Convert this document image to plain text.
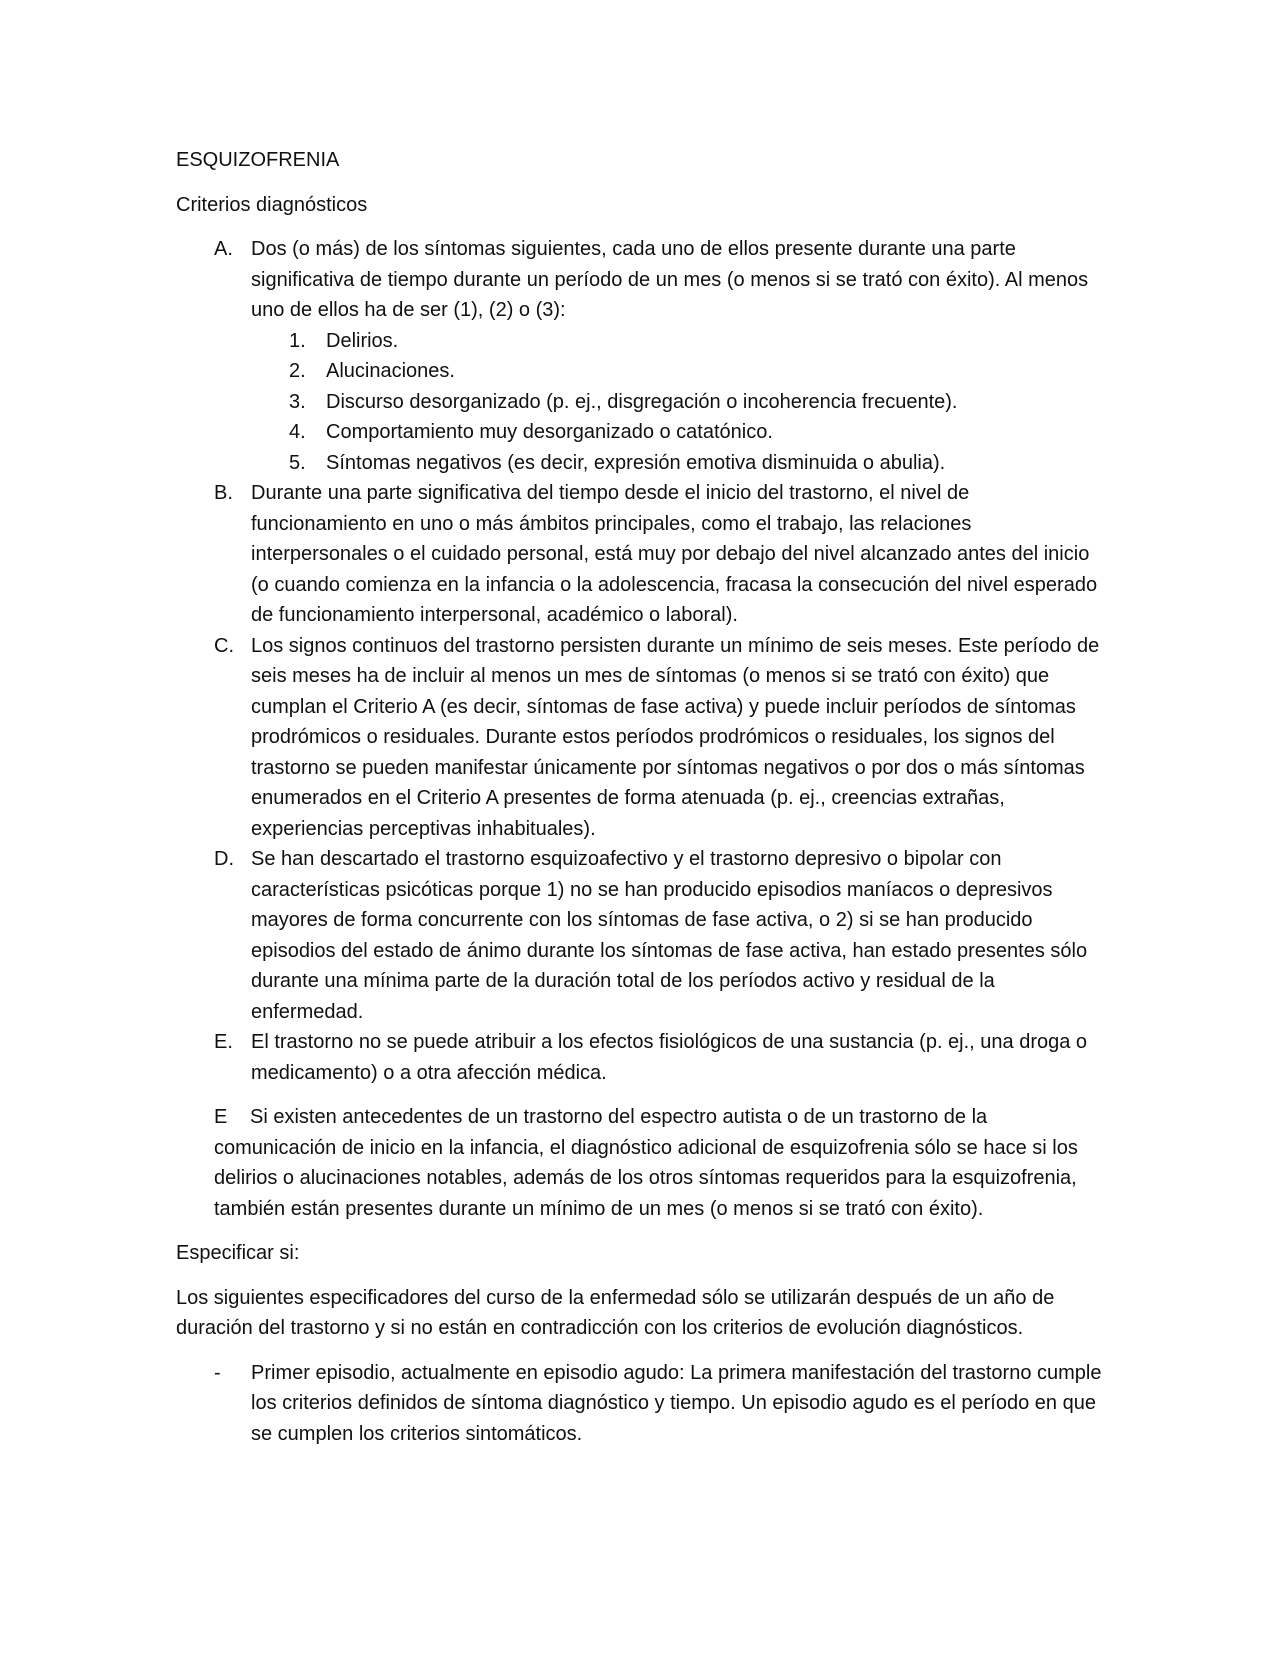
ESQUIZOFRENIA
Criterios diagnósticos
A. Dos (o más) de los síntomas siguientes, cada uno de ellos presente durante una parte significativa de tiempo durante un período de un mes (o menos si se trató con éxito). Al menos uno de ellos ha de ser (1), (2) o (3):
1. Delirios.
2. Alucinaciones.
3. Discurso desorganizado (p. ej., disgregación o incoherencia frecuente).
4. Comportamiento muy desorganizado o catatónico.
5. Síntomas negativos (es decir, expresión emotiva disminuida o abulia).
B. Durante una parte significativa del tiempo desde el inicio del trastorno, el nivel de funcionamiento en uno o más ámbitos principales, como el trabajo, las relaciones interpersonales o el cuidado personal, está muy por debajo del nivel alcanzado antes del inicio (o cuando comienza en la infancia o la adolescencia, fracasa la consecución del nivel esperado de funcionamiento interpersonal, académico o laboral).
C. Los signos continuos del trastorno persisten durante un mínimo de seis meses. Este período de seis meses ha de incluir al menos un mes de síntomas (o menos si se trató con éxito) que cumplan el Criterio A (es decir, síntomas de fase activa) y puede incluir períodos de síntomas prodrómicos o residuales. Durante estos períodos prodrómicos o residuales, los signos del trastorno se pueden manifestar únicamente por síntomas negativos o por dos o más síntomas enumerados en el Criterio A presentes de forma atenuada (p. ej., creencias extrañas, experiencias perceptivas inhabituales).
D. Se han descartado el trastorno esquizoafectivo y el trastorno depresivo o bipolar con características psicóticas porque 1) no se han producido episodios maníacos o depresivos mayores de forma concurrente con los síntomas de fase activa, o 2) si se han producido episodios del estado de ánimo durante los síntomas de fase activa, han estado presentes sólo durante una mínima parte de la duración total de los períodos activo y residual de la enfermedad.
E. El trastorno no se puede atribuir a los efectos fisiológicos de una sustancia (p. ej., una droga o medicamento) o a otra afección médica.
E Si existen antecedentes de un trastorno del espectro autista o de un trastorno de la comunicación de inicio en la infancia, el diagnóstico adicional de esquizofrenia sólo se hace si los delirios o alucinaciones notables, además de los otros síntomas requeridos para la esquizofrenia, también están presentes durante un mínimo de un mes (o menos si se trató con éxito).
Especificar si:
Los siguientes especificadores del curso de la enfermedad sólo se utilizarán después de un año de duración del trastorno y si no están en contradicción con los criterios de evolución diagnósticos.
- Primer episodio, actualmente en episodio agudo: La primera manifestación del trastorno cumple los criterios definidos de síntoma diagnóstico y tiempo. Un episodio agudo es el período en que se cumplen los criterios sintomáticos.
